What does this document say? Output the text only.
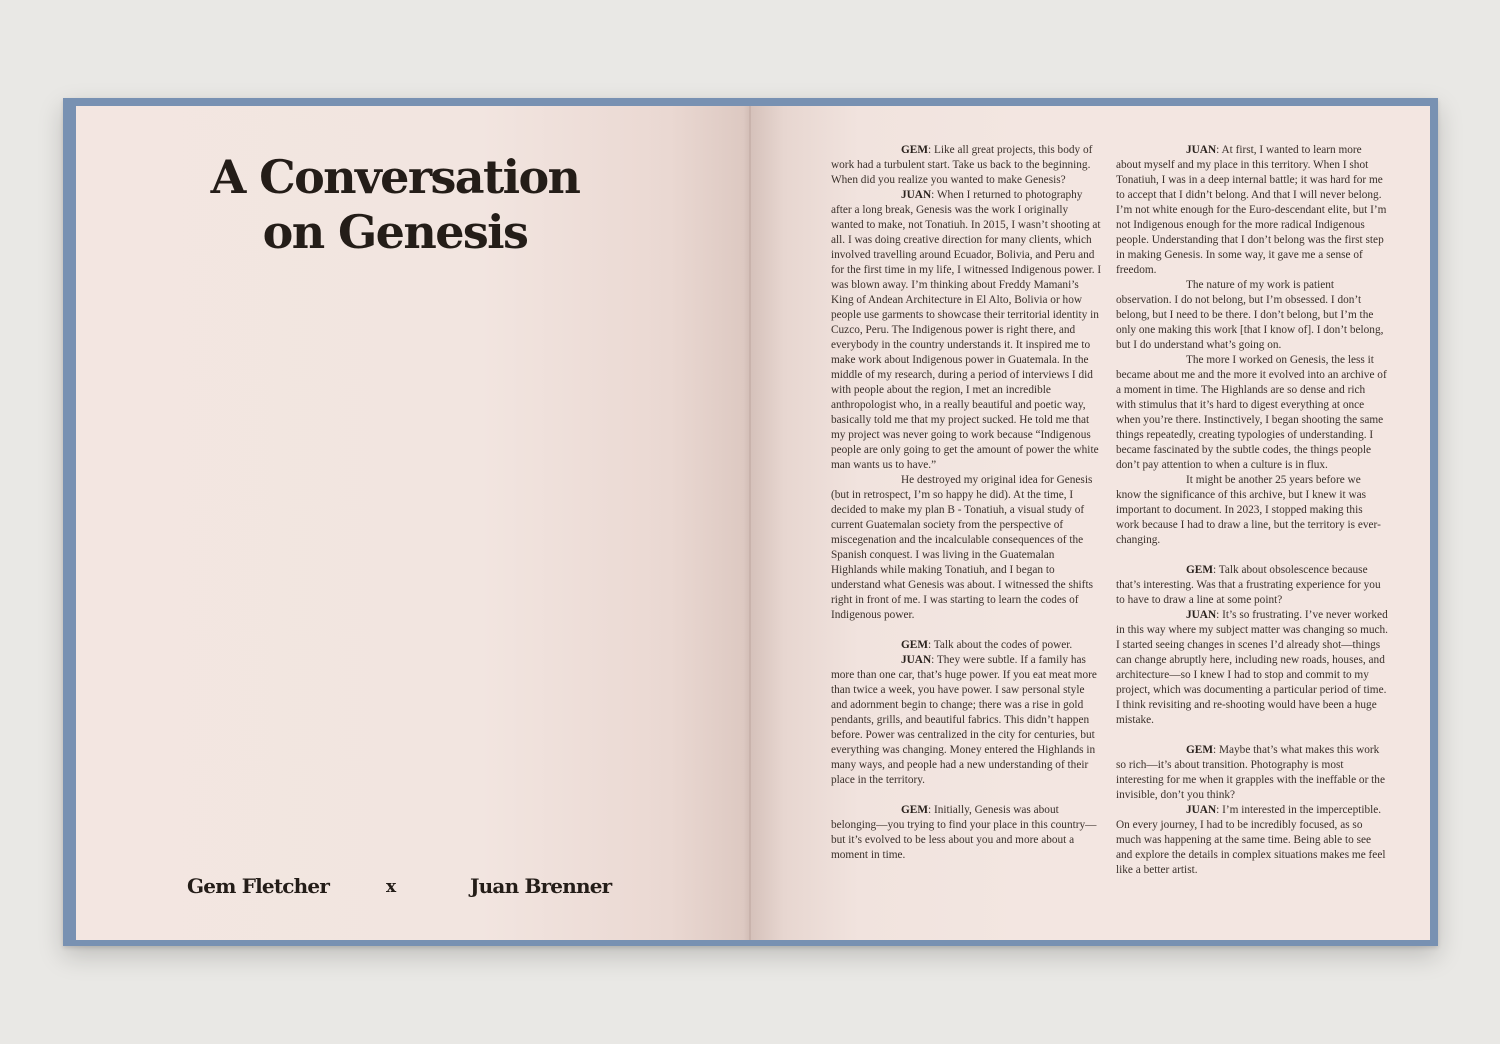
A Conversation
on Genesis
Gem Fletcher	x	Juan Brenner

GEM: Like all great projects, this body of work had a turbulent start. Take us back to the beginning. When did you realize you wanted to make Genesis?

JUAN: When I returned to photography after a long break, Genesis was the work I originally wanted to make, not Tonatiuh. In 2015, I wasn’t shooting at all. I was doing creative direction for many clients, which involved travelling around Ecuador, Bolivia, and Peru and for the first time in my life, I witnessed Indigenous power. I was blown away. I’m thinking about Freddy Mamani’s King of Andean Architecture in El Alto, Bolivia or how people use garments to showcase their territorial identity in Cuzco, Peru. The Indigenous power is right there, and everybody in the country understands it. It inspired me to make work about Indigenous power in Guatemala. In the middle of my research, during a period of interviews I did with people about the region, I met an incredible anthropologist who, in a really beautiful and poetic way, basically told me that my project sucked. He told me that my project was never going to work because “Indigenous people are only going to get the amount of power the white man wants us to have.”

He destroyed my original idea for Genesis (but in retrospect, I’m so happy he did). At the time, I decided to make my plan B - Tonatiuh, a visual study of current Guatemalan society from the perspective of miscegenation and the incalculable consequences of the Spanish conquest. I was living in the Guatemalan Highlands while making Tonatiuh, and I began to understand what Genesis was about. I witnessed the shifts right in front of me. I was starting to learn the codes of Indigenous power.

GEM: Talk about the codes of power.

JUAN: They were subtle. If a family has more than one car, that’s huge power. If you eat meat more than twice a week, you have power. I saw personal style and adornment begin to change; there was a rise in gold pendants, grills, and beautiful fabrics. This didn’t happen before. Power was centralized in the city for centuries, but everything was changing. Money entered the Highlands in many ways, and people had a new understanding of their place in the territory.

GEM: Initially, Genesis was about belonging—you trying to find your place in this country—but it’s evolved to be less about you and more about a moment in time.

JUAN: At first, I wanted to learn more about myself and my place in this territory. When I shot Tonatiuh, I was in a deep internal battle; it was hard for me to accept that I didn’t belong. And that I will never belong. I’m not white enough for the Euro-descendant elite, but I’m not Indigenous enough for the more radical Indigenous people. Understanding that I don’t belong was the first step in making Genesis. In some way, it gave me a sense of freedom.

The nature of my work is patient observation. I do not belong, but I’m obsessed. I don’t belong, but I need to be there. I don’t belong, but I’m the only one making this work [that I know of]. I don’t belong, but I do understand what’s going on.

The more I worked on Genesis, the less it became about me and the more it evolved into an archive of a moment in time. The Highlands are so dense and rich with stimulus that it’s hard to digest everything at once when you’re there. Instinctively, I began shooting the same things repeatedly, creating typologies of understanding. I became fascinated by the subtle codes, the things people don’t pay attention to when a culture is in flux.

It might be another 25 years before we know the significance of this archive, but I knew it was important to document. In 2023, I stopped making this work because I had to draw a line, but the territory is ever-changing.

GEM: Talk about obsolescence because that’s interesting. Was that a frustrating experience for you to have to draw a line at some point?

JUAN: It’s so frustrating. I’ve never worked in this way where my subject matter was changing so much. I started seeing changes in scenes I’d already shot—things can change abruptly here, including new roads, houses, and architecture—so I knew I had to stop and commit to my project, which was documenting a particular period of time. I think revisiting and re-shooting would have been a huge mistake.

GEM: Maybe that’s what makes this work so rich—it’s about transition. Photography is most interesting for me when it grapples with the ineffable or the invisible, don’t you think?

JUAN: I’m interested in the imperceptible. On every journey, I had to be incredibly focused, as so much was happening at the same time. Being able to see and explore the details in complex situations makes me feel like a better artist.
